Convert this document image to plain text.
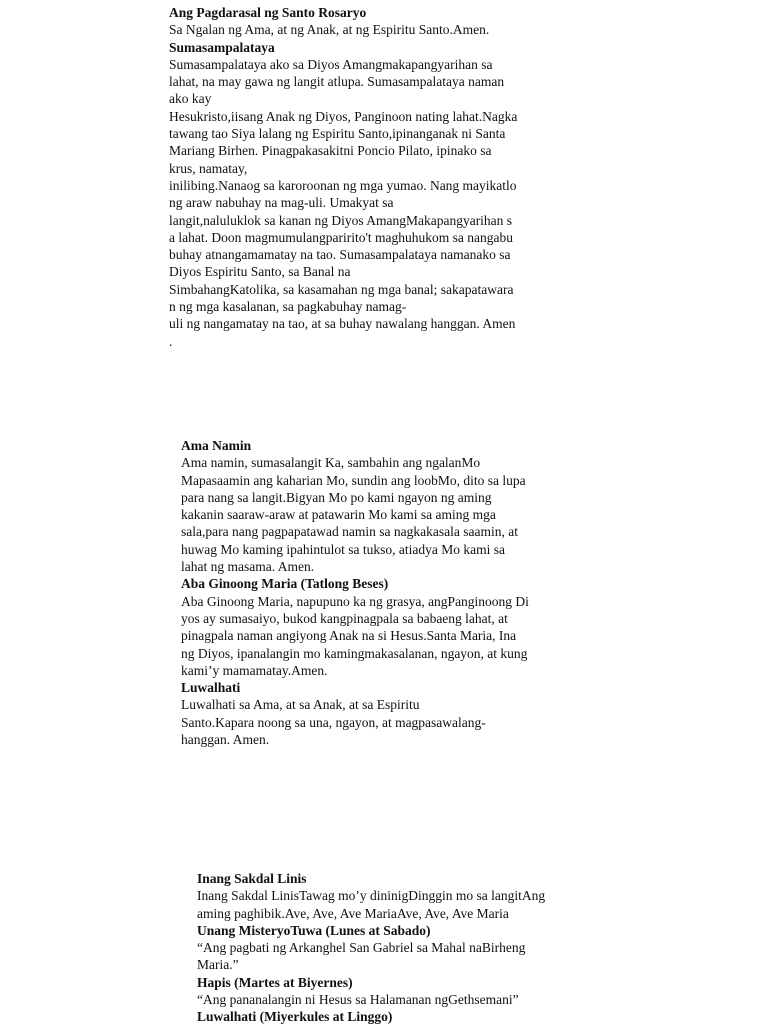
Ang Pagdarasal ng Santo Rosaryo
Sa Ngalan ng Ama, at ng Anak, at ng Espiritu Santo.Amen.
Sumasampalataya
Sumasampalataya ako sa Diyos Amangmakapangyarihan sa
lahat, na may gawa ng langit atlupa. Sumasampalataya naman
ako kay
Hesukristo,iisang Anak ng Diyos, Panginoon nating lahat.Nagka
tawang tao Siya lalang ng Espiritu Santo,ipinanganak ni Santa
Mariang Birhen. Pinagpakasakitni Poncio Pilato, ipinako sa
krus, namatay,
inilibing.Nanaog sa karoroonan ng mga yumao. Nang mayikatlo
ng araw nabuhay na mag-uli. Umakyat sa
langit,naluluklok sa kanan ng Diyos AmangMakapangyarihan s
a lahat. Doon magmumulangparirito't maghuhukom sa nangabu
buhay atnangamamatay na tao. Sumasampalataya namanako sa
Diyos Espiritu Santo, sa Banal na
SimbahangKatolika, sa kasamahan ng mga banal; sakapatawara
n ng mga kasalanan, sa pagkabuhay namag-
uli ng nangamatay na tao, at sa buhay nawalang hanggan. Amen
.
Ama Namin
Ama namin, sumasalangit Ka, sambahin ang ngalanMo
Mapasaamin ang kaharian Mo, sundin ang loobMo, dito sa lupa
para nang sa langit.Bigyan Mo po kami ngayon ng aming
kakanin saaraw-araw at patawarin Mo kami sa aming mga
sala,para nang pagpapatawad namin sa nagkakasala saamin, at
huwag Mo kaming ipahintulot sa tukso, atiadya Mo kami sa
lahat ng masama. Amen.
Aba Ginoong Maria (Tatlong Beses)
Aba Ginoong Maria, napupuno ka ng grasya, angPanginoong Di
yos ay sumasaiyo, bukod kangpinagpala sa babaeng lahat, at
pinagpala naman angiyong Anak na si Hesus.Santa Maria, Ina
ng Diyos, ipanalangin mo kamingmakasalanan, ngayon, at kung
kami’y mamamatay.Amen.
Luwalhati
Luwalhati sa Ama, at sa Anak, at sa Espiritu
Santo.Kapara noong sa una, ngayon, at magpasawalang-
hanggan. Amen.
Inang Sakdal Linis
Inang Sakdal LinisTawag mo’y dininigDinggin mo sa langitAng
aming paghibik.Ave, Ave, Ave MariaAve, Ave, Ave Maria
Unang MisteryoTuwa (Lunes at Sabado)
“Ang pagbati ng Arkanghel San Gabriel sa Mahal naBirheng
Maria.”
Hapis (Martes at Biyernes)
“Ang pananalangin ni Hesus sa Halamanan ngGethsemani”
Luwalhati (Miyerkules at Linggo)
